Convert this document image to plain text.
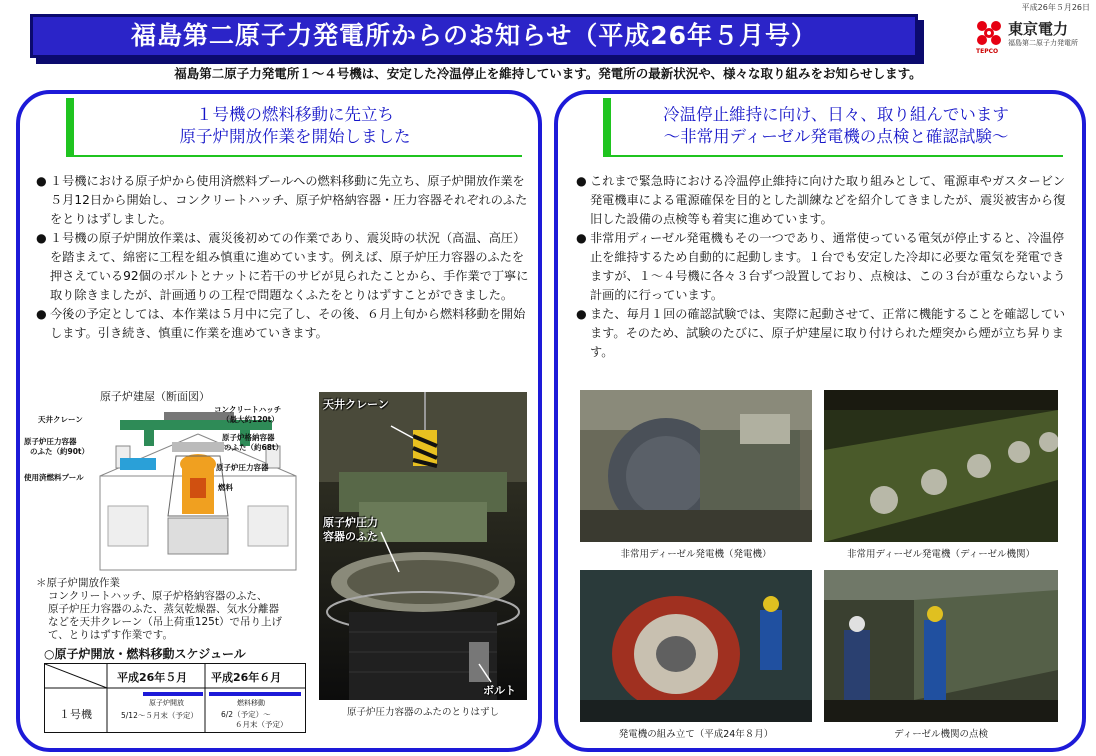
福島第二原子力発電所からのお知らせ（平成26年５月号）
平成26年５月26日
東京電力
福島第二原子力発電所
TEPCO
福島第二原子力発電所１～４号機は、安定した冷温停止を維持しています。発電所の最新状況や、様々な取り組みをお知らせします。
１号機の燃料移動に先立ち
原子炉開放作業を開始しました

● １号機における原子炉から使用済燃料プールへの燃料移動に先立ち、原子炉開放作業を５月12日から開始し、コンクリートハッチ、原子炉格納容器・圧力容器それぞれのふたをとりはずしました。

● １号機の原子炉開放作業は、震災後初めての作業であり、震災時の状況（高温、高圧）を踏まえて、綿密に工程を組み慎重に進めています。例えば、原子炉圧力容器のふたを押さえている92個のボルトとナットに若干のサビが見られたことから、手作業で丁寧に取り除きましたが、計画通りの工程で問題なくふたをとりはずすことができました。

● 今後の予定としては、本作業は５月中に完了し、その後、６月上旬から燃料移動を開始します。引き続き、慎重に作業を進めていきます。

原子炉建屋（断面図）
天井クレーン
コンクリートハッチ
（最大約120t）
原子炉圧力容器
のふた（約90t）
原子炉格納容器
のふた（約68t）
原子炉圧力容器
使用済燃料プール
燃料
＊原子炉開放作業
コンクリートハッチ、原子炉格納容器のふた、
原子炉圧力容器のふた、蒸気乾燥器、気水分離器
などを天井クレーン（吊上荷重125t）で吊り上げ
て、とりはずす作業です。
○原子炉開放・燃料移動スケジュール
平成26年５月 平成26年６月
１号機
原子炉開放
5/12～５月末（予定）
燃料移動
6/2（予定）～
６月末（予定）
天井クレーン
原子炉圧力
容器のふた
ボルト
原子炉圧力容器のふたのとりはずし
冷温停止維持に向け、日々、取り組んでいます
～非常用ディーゼル発電機の点検と確認試験～

● これまで緊急時における冷温停止維持に向けた取り組みとして、電源車やガスタービン発電機車による電源確保を目的とした訓練などを紹介してきましたが、震災被害から復旧した設備の点検等も着実に進めています。

● 非常用ディーゼル発電機もその一つであり、通常使っている電気が停止すると、冷温停止を維持するため自動的に起動します。１台でも安定した冷却に必要な電気を発電できますが、１～４号機に各々３台ずつ設置しており、点検は、この３台が重ならないよう計画的に行っています。

● また、毎月１回の確認試験では、実際に起動させて、正常に機能することを確認しています。そのため、試験のたびに、原子炉建屋に取り付けられた煙突から煙が立ち昇ります。

非常用ディーゼル発電機（発電機）	非常用ディーゼル発電機（ディーゼル機関）
発電機の組み立て（平成24年８月）	ディーゼル機関の点検
